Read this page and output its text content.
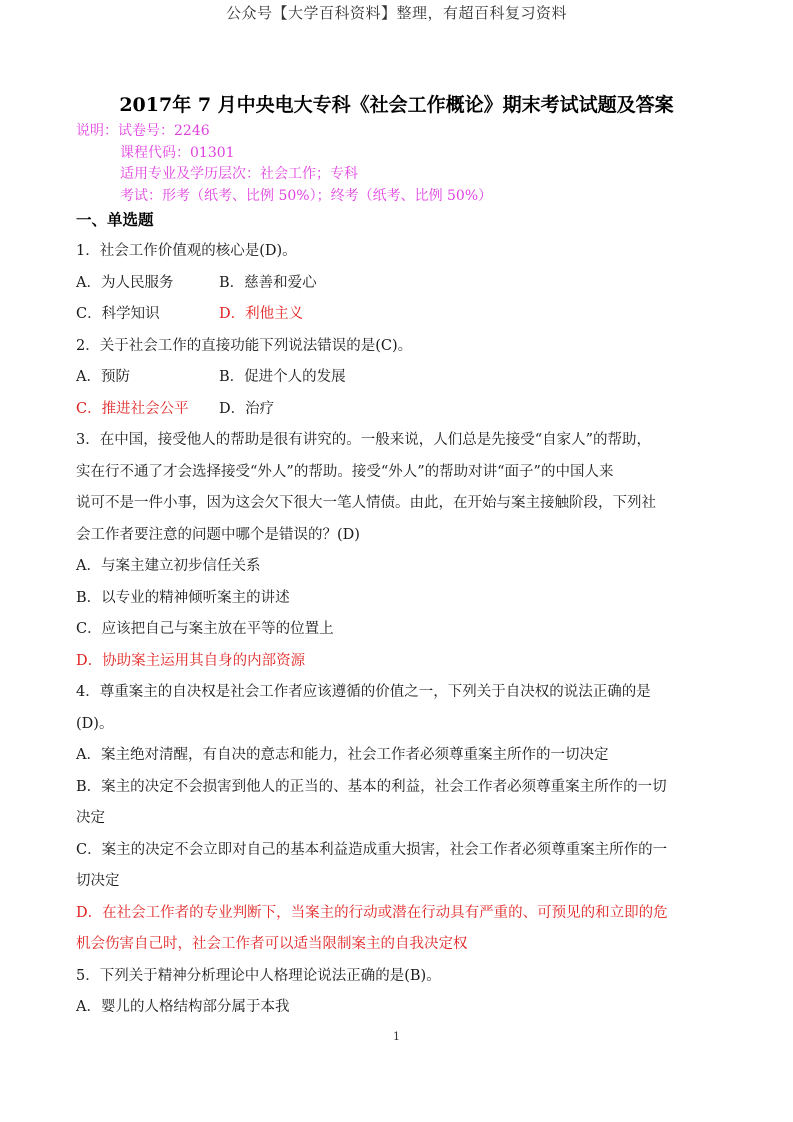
公众号【大学百科资料】整理，有超百科复习资料
2017年 7 月中央电大专科《社会工作概论》期末考试试题及答案
说明：试卷号：2246
课程代码：01301
适用专业及学历层次：社会工作；专科
考试：形考（纸考、比例 50%）；终考（纸考、比例 50%）
一、单选题
1．社会工作价值观的核心是(D)。
A．为人民服务	B．慈善和爱心
C．科学知识	D．利他主义
2．关于社会工作的直接功能下列说法错误的是(C)。
A．预防	B．促进个人的发展
C．推进社会公平 D．治疗
3．在中国，接受他人的帮助是很有讲究的。一般来说，人们总是先接受“自家人”的帮助，
实在行不通了才会选择接受“外人”的帮助。接受“外人”的帮助对讲“面子”的中国人来
说可不是一件小事，因为这会欠下很大一笔人情债。由此，在开始与案主接触阶段，下列社
会工作者要注意的问题中哪个是错误的？(D)
A．与案主建立初步信任关系
B．以专业的精神倾听案主的讲述
C．应该把自己与案主放在平等的位置上
D．协助案主运用其自身的内部资源
4．尊重案主的自决权是社会工作者应该遵循的价值之一，下列关于自决权的说法正确的是
(D)。
A．案主绝对清醒，有自决的意志和能力，社会工作者必须尊重案主所作的一切决定
B．案主的决定不会损害到他人的正当的、基本的利益，社会工作者必须尊重案主所作的一切
决定
C．案主的决定不会立即对自己的基本利益造成重大损害，社会工作者必须尊重案主所作的一
切决定
D．在社会工作者的专业判断下，当案主的行动或潜在行动具有严重的、可预见的和立即的危
机会伤害自己时，社会工作者可以适当限制案主的自我决定权
5．下列关于精神分析理论中人格理论说法正确的是(B)。
A．婴儿的人格结构部分属于本我
1
